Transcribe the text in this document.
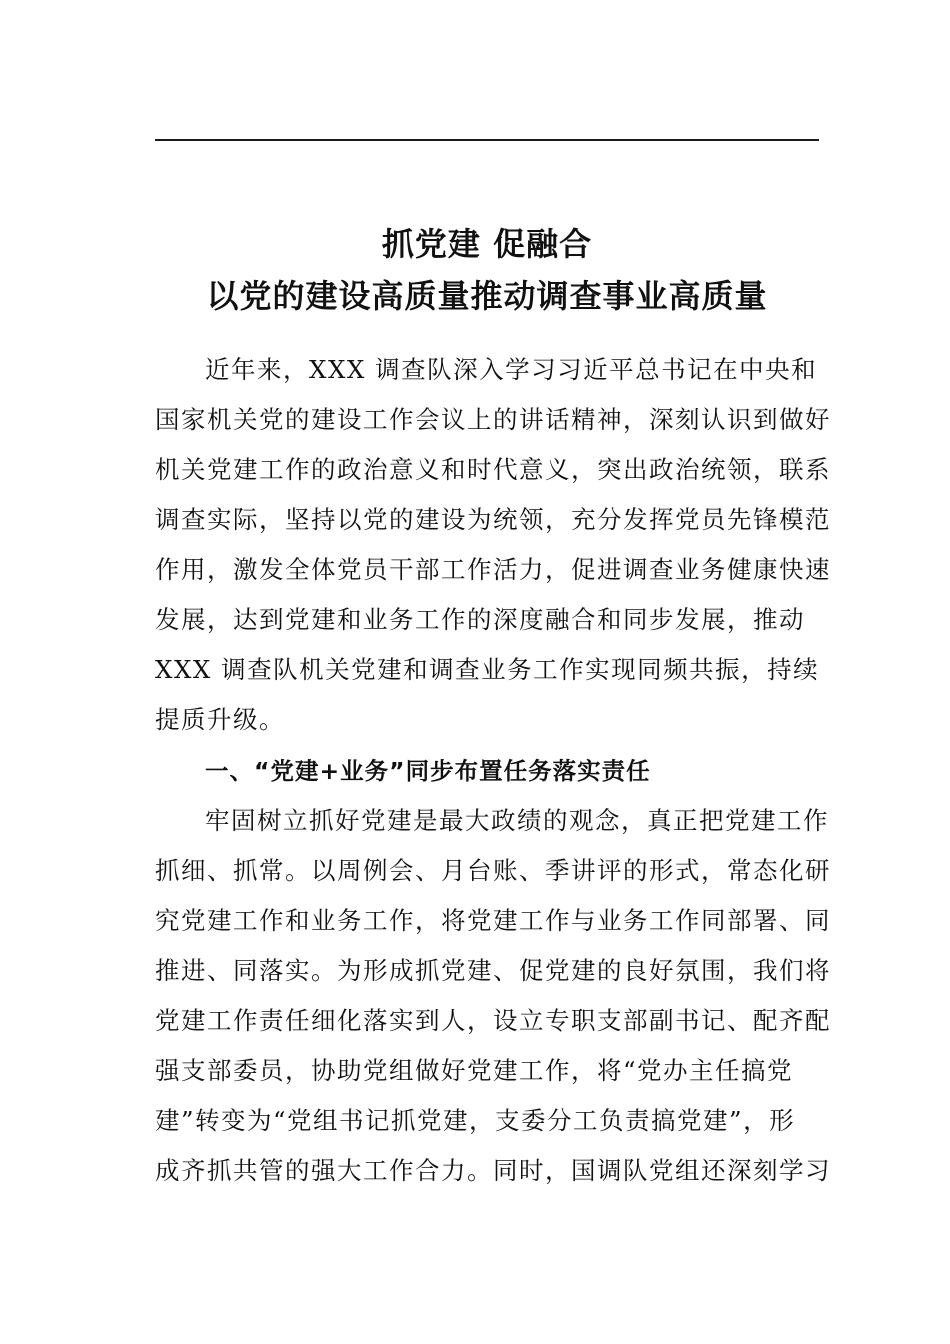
抓党建 促融合
以党的建设高质量推动调查事业高质量
近年来，XXX 调查队深入学习习近平总书记在中央和
国家机关党的建设工作会议上的讲话精神，深刻认识到做好
机关党建工作的政治意义和时代意义，突出政治统领，联系
调查实际，坚持以党的建设为统领，充分发挥党员先锋模范
作用，激发全体党员干部工作活力，促进调查业务健康快速
发展，达到党建和业务工作的深度融合和同步发展，推动
XXX 调查队机关党建和调查业务工作实现同频共振，持续
提质升级。
一、“党建+业务”同步布置任务落实责任
牢固树立抓好党建是最大政绩的观念，真正把党建工作
抓细、抓常。以周例会、月台账、季讲评的形式，常态化研
究党建工作和业务工作，将党建工作与业务工作同部署、同
推进、同落实。为形成抓党建、促党建的良好氛围，我们将
党建工作责任细化落实到人，设立专职支部副书记、配齐配
强支部委员，协助党组做好党建工作，将“党办主任搞党
建”转变为“党组书记抓党建，支委分工负责搞党建”，形
成齐抓共管的强大工作合力。同时，国调队党组还深刻学习
